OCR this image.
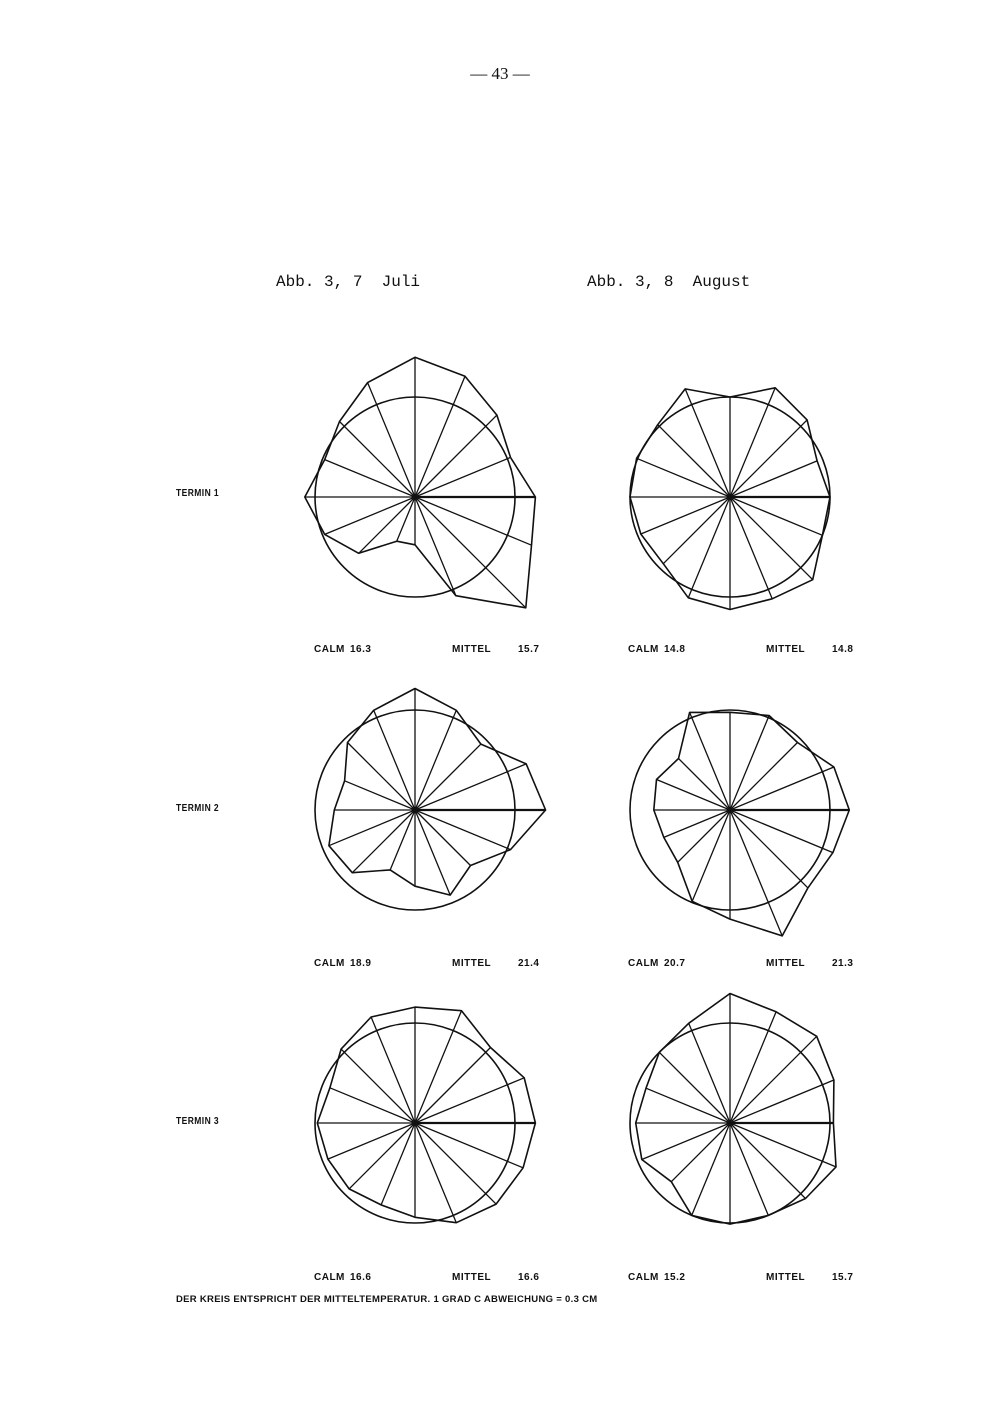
— 43 —
Abb. 3, 7  Juli	Abb. 3, 8  August
TERMIN 1
TERMIN 2
TERMIN 3
CALM 16.3	MITTEL	15.7	CALM 14.8	MITTEL	14.8
CALM 18.9	MITTEL	21.4	CALM 20.7	MITTEL	21.3
CALM 16.6	MITTEL	16.6	CALM 15.2	MITTEL	15.7
DER KREIS ENTSPRICHT DER MITTELTEMPERATUR. 1 GRAD C ABWEICHUNG = 0.3 CM
